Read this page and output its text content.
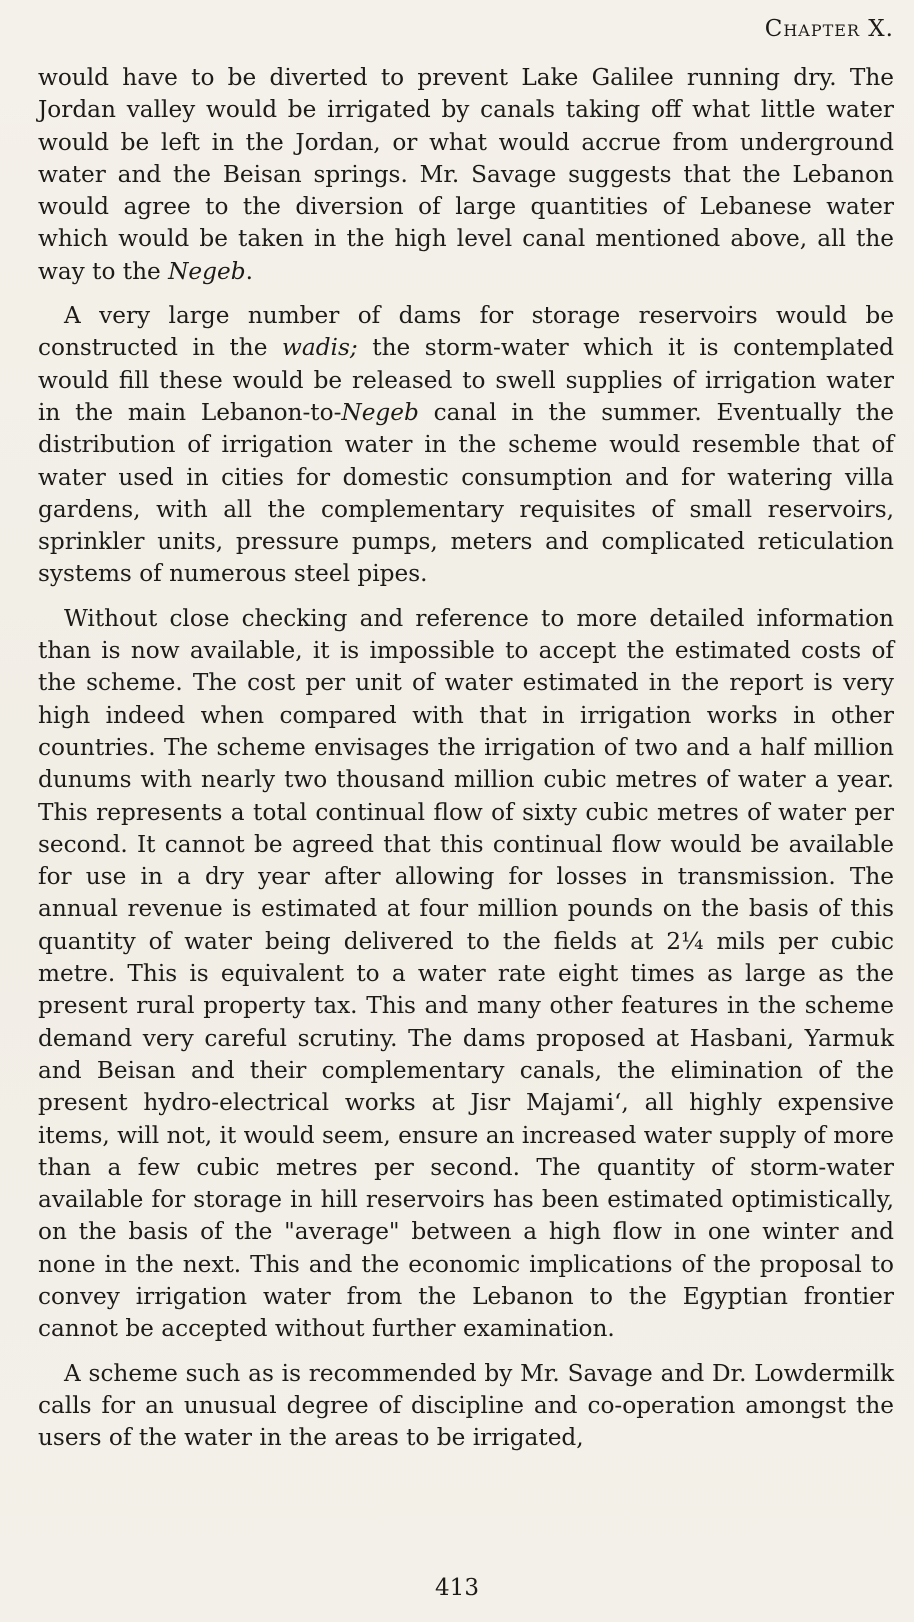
Chapter X.

would have to be diverted to prevent Lake Galilee running dry. The Jordan valley would be irrigated by canals taking off what little water would be left in the Jordan, or what would accrue from underground water and the Beisan springs. Mr. Savage suggests that the Lebanon would agree to the diversion of large quantities of Lebanese water which would be taken in the high level canal mentioned above, all the way to the Negeb.

A very large number of dams for storage reservoirs would be constructed in the wadis; the storm-water which it is contemplated would fill these would be released to swell supplies of irrigation water in the main Lebanon-to-Negeb canal in the summer. Eventually the distribution of irrigation water in the scheme would resemble that of water used in cities for domestic consumption and for watering villa gardens, with all the complementary requisites of small reservoirs, sprinkler units, pressure pumps, meters and complicated reticulation systems of numerous steel pipes.

Without close checking and reference to more detailed information than is now available, it is impossible to accept the estimated costs of the scheme. The cost per unit of water estimated in the report is very high indeed when compared with that in irrigation works in other countries. The scheme envisages the irrigation of two and a half million dunums with nearly two thousand million cubic metres of water a year. This represents a total continual flow of sixty cubic metres of water per second. It cannot be agreed that this continual flow would be available for use in a dry year after allowing for losses in transmission. The annual revenue is estimated at four million pounds on the basis of this quantity of water being delivered to the fields at 2¼ mils per cubic metre. This is equivalent to a water rate eight times as large as the present rural property tax. This and many other features in the scheme demand very careful scrutiny. The dams proposed at Hasbani, Yarmuk and Beisan and their complementary canals, the elimination of the present hydro-electrical works at Jisr Majami‘, all highly expensive items, will not, it would seem, ensure an increased water supply of more than a few cubic metres per second. The quantity of storm-water available for storage in hill reservoirs has been estimated optimistically, on the basis of the "average" between a high flow in one winter and none in the next. This and the economic implications of the proposal to convey irrigation water from the Lebanon to the Egyptian frontier cannot be accepted without further examination.

A scheme such as is recommended by Mr. Savage and Dr. Lowdermilk calls for an unusual degree of discipline and co-operation amongst the users of the water in the areas to be irrigated,

413
